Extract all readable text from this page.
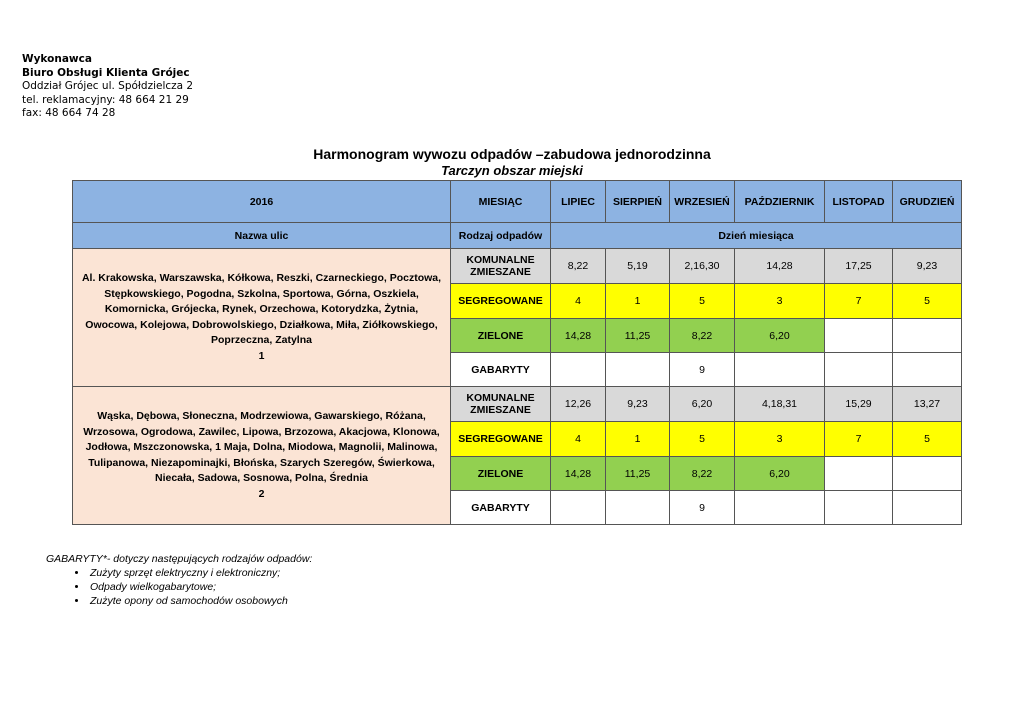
Wykonawca
Biuro Obsługi Klienta Grójec
Oddział Grójec ul. Spółdzielcza 2
tel. reklamacyjny: 48 664 21 29
fax: 48 664 74 28
Harmonogram wywozu odpadów –zabudowa jednorodzinna
Tarczyn obszar miejski
2016	MIESIĄC	LIPIEC	SIERPIEŃ	WRZESIEŃ	PAŹDZIERNIK	LISTOPAD	GRUDZIEŃ
Nazwa ulic	Rodzaj odpadów	Dzień miesiąca					

Al. Krakowska, Warszawska, Kółkowa, Reszki, Czarneckiego, Pocztowa, Stępkowskiego, Pogodna, Szkolna, Sportowa, Górna, Oszkiela, Komornicka, Grójecka, Rynek, Orzechowa, Kotorydzka, Żytnia, Owocowa, Kolejowa, Dobrowolskiego, Działkowa, Miła, Ziółkowskiego, Poprzeczna, Zatylna
1	KOMUNALNE ZMIESZANE	8,22	5,19	2,16,30	14,28	17,25	9,23
	SEGREGOWANE	4	1	5	3	7	5
	ZIELONE	14,28	11,25	8,22	6,20		
	GABARYTY			9			

Wąska, Dębowa, Słoneczna, Modrzewiowa, Gawarskiego, Różana, Wrzosowa, Ogrodowa, Zawilec, Lipowa, Brzozowa, Akacjowa, Klonowa, Jodłowa, Mszczonowska, 1 Maja, Dolna, Miodowa, Magnolii, Malinowa, Tulipanowa, Niezapominajki, Błońska, Szarych Szeregów, Świerkowa, Niecała, Sadowa, Sosnowa, Polna, Średnia
2	KOMUNALNE ZMIESZANE	12,26	9,23	6,20	4,18,31	15,29	13,27
	SEGREGOWANE	4	1	5	3	7	5
	ZIELONE	14,28	11,25	8,22	6,20		
	GABARYTY			9			
GABARYTY*- dotyczy następujących rodzajów odpadów:
• Zużyty sprzęt elektryczny i elektroniczny;
• Odpady wielkogabarytowe;
• Zużyte opony od samochodów osobowych
